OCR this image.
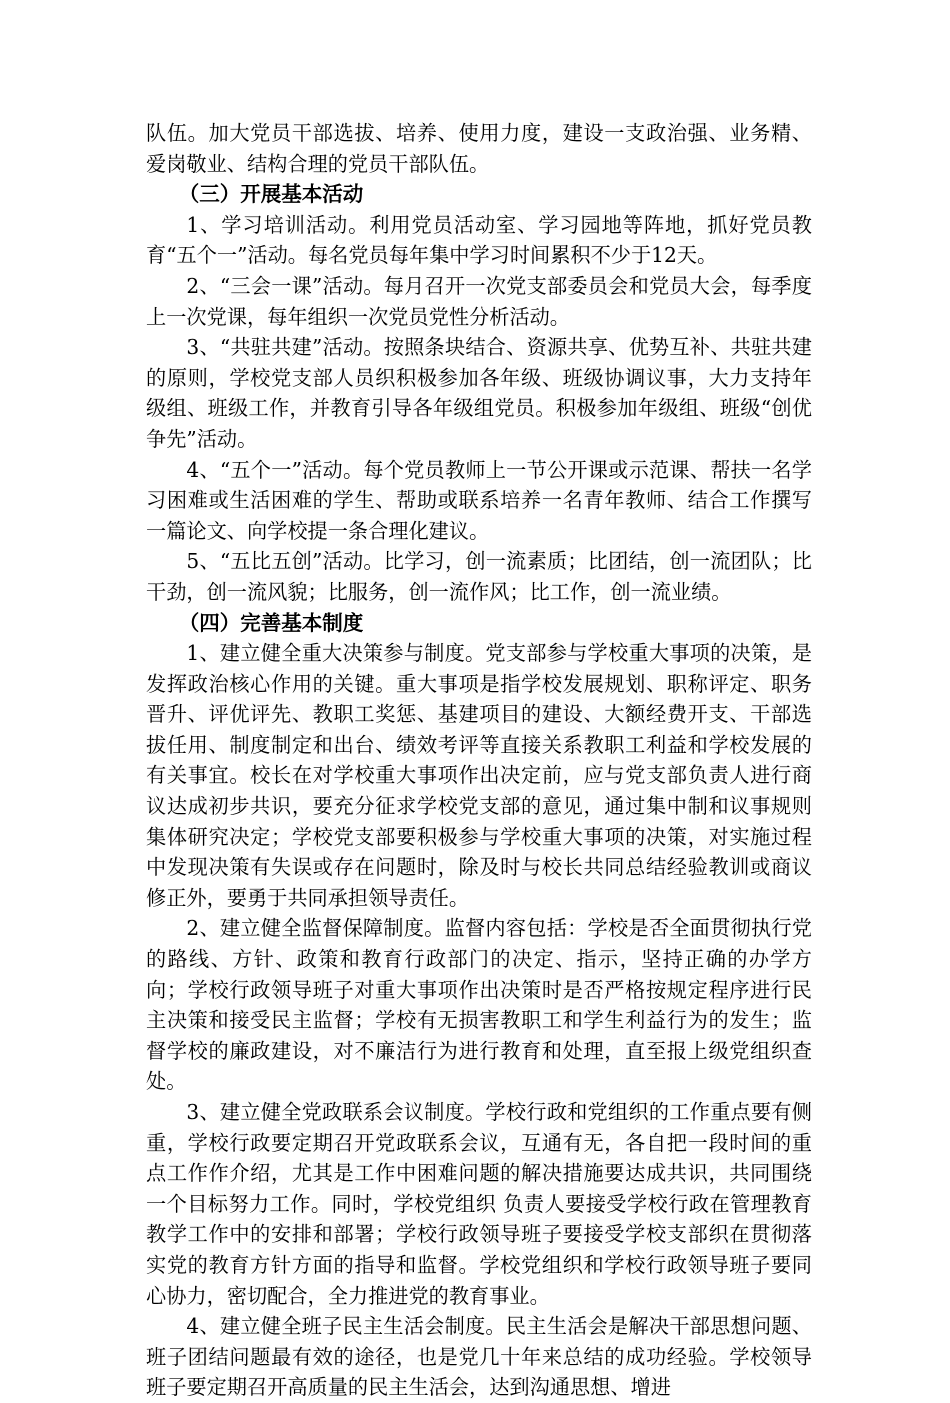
队伍。加大党员干部选拔、培养、使用力度，建设一支政治强、业务精、爱岗敬业、结构合理的党员干部队伍。

（三）开展基本活动

1、学习培训活动。利用党员活动室、学习园地等阵地，抓好党员教育“五个一”活动。每名党员每年集中学习时间累积不少于12天。

2、“三会一课”活动。每月召开一次党支部委员会和党员大会，每季度上一次党课，每年组织一次党员党性分析活动。

3、“共驻共建”活动。按照条块结合、资源共享、优势互补、共驻共建的原则，学校党支部人员织积极参加各年级、班级协调议事，大力支持年级组、班级工作，并教育引导各年级组党员。积极参加年级组、班级“创优争先”活动。

4、“五个一”活动。每个党员教师上一节公开课或示范课、帮扶一名学习困难或生活困难的学生、帮助或联系培养一名青年教师、结合工作撰写一篇论文、向学校提一条合理化建议。

5、“五比五创”活动。比学习，创一流素质；比团结，创一流团队；比干劲，创一流风貌；比服务，创一流作风；比工作，创一流业绩。

（四）完善基本制度

1、建立健全重大决策参与制度。党支部参与学校重大事项的决策，是发挥政治核心作用的关键。重大事项是指学校发展规划、职称评定、职务晋升、评优评先、教职工奖惩、基建项目的建设、大额经费开支、干部选拔任用、制度制定和出台、绩效考评等直接关系教职工利益和学校发展的有关事宜。校长在对学校重大事项作出决定前，应与党支部负责人进行商议达成初步共识，要充分征求学校党支部的意见，通过集中制和议事规则集体研究决定；学校党支部要积极参与学校重大事项的决策，对实施过程中发现决策有失误或存在问题时，除及时与校长共同总结经验教训或商议修正外，要勇于共同承担领导责任。

2、建立健全监督保障制度。监督内容包括：学校是否全面贯彻执行党的路线、方针、政策和教育行政部门的决定、指示，坚持正确的办学方向；学校行政领导班子对重大事项作出决策时是否严格按规定程序进行民主决策和接受民主监督；学校有无损害教职工和学生利益行为的发生；监督学校的廉政建设，对不廉洁行为进行教育和处理，直至报上级党组织查处。

3、建立健全党政联系会议制度。学校行政和党组织的工作重点要有侧重，学校行政要定期召开党政联系会议，互通有无，各自把一段时间的重点工作作介绍，尤其是工作中困难问题的解决措施要达成共识，共同围绕一个目标努力工作。同时，学校党组织 负责人要接受学校行政在管理教育教学工作中的安排和部署；学校行政领导班子要接受学校支部织在贯彻落实党的教育方针方面的指导和监督。学校党组织和学校行政领导班子要同心协力，密切配合，全力推进党的教育事业。

4、建立健全班子民主生活会制度。民主生活会是解决干部思想问题、班子团结问题最有效的途径，也是党几十年来总结的成功经验。学校领导班子要定期召开高质量的民主生活会，达到沟通思想、增进
